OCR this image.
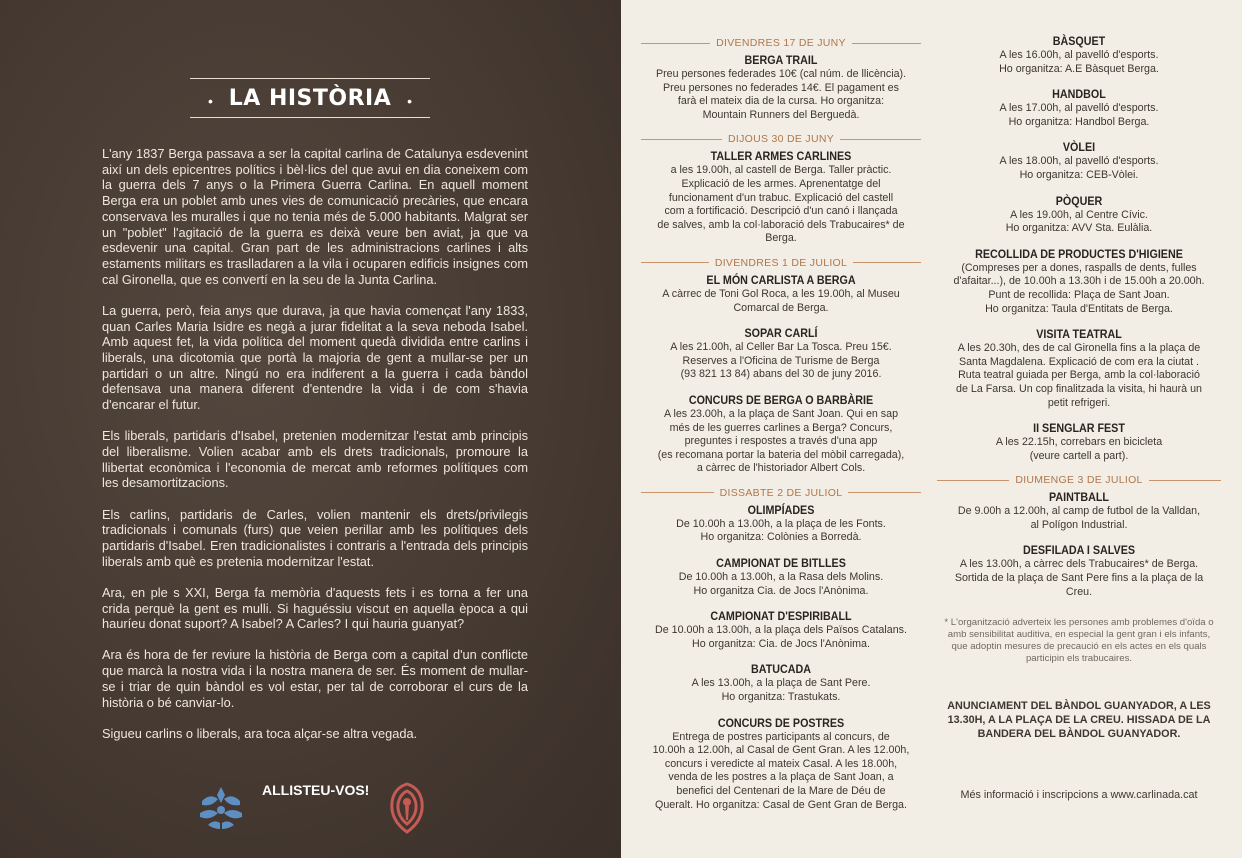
• LA HISTÒRIA •

L'any 1837 Berga passava a ser la capital carlina de Catalunya esdevenint així un dels epicentres polítics i bèl·lics del que avui en dia coneixem com la guerra dels 7 anys o la Primera Guerra Carlina. En aquell moment Berga era un poblet amb unes vies de comunicació precàries, que encara conservava les muralles i que no tenia més de 5.000 habitants. Malgrat ser un "poblet" l'agitació de la guerra es deixà veure ben aviat, ja que va esdevenir una capital. Gran part de les administracions carlines i alts estaments militars es traslladaren a la vila i ocuparen edificis insignes com cal Gironella, que es convertí en la seu de la Junta Carlina.

La guerra, però, feia anys que durava, ja que havia començat l'any 1833, quan Carles Maria Isidre es negà a jurar fidelitat a la seva neboda Isabel. Amb aquest fet, la vida política del moment quedà dividida entre carlins i liberals, una dicotomia que portà la majoria de gent a mullar-se per un partidari o un altre. Ningú no era indiferent a la guerra i cada bàndol defensava una manera diferent d'entendre la vida i de com s'havia d'encarar el futur.

Els liberals, partidaris d'Isabel, pretenien modernitzar l'estat amb principis del liberalisme. Volien acabar amb els drets tradicionals, promoure la llibertat econòmica i l'economia de mercat amb reformes polítiques com les desamortitzacions.

Els carlins, partidaris de Carles, volien mantenir els drets/privilegis tradicionals i comunals (furs) que veien perillar amb les polítiques dels partidaris d'Isabel. Eren tradicionalistes i contraris a l'entrada dels principis liberals amb què es pretenia modernitzar l'estat.

Ara, en ple s XXI, Berga fa memòria d'aquests fets i es torna a fer una crida perquè la gent es mulli. Si haguéssiu viscut en aquella època a qui hauríeu donat suport? A Isabel? A Carles? I qui hauria guanyat?

Ara és hora de fer reviure la història de Berga com a capital d'un conflicte que marcà la nostra vida i la nostra manera de ser. És moment de mullar-se i triar de quin bàndol es vol estar, per tal de corroborar el curs de la història o bé canviar-lo.

Sigueu carlins o liberals, ara toca alçar-se altra vegada.

ALLISTEU-VOS!
DIVENDRES 17 DE JUNY
BERGA TRAIL

Preu persones federades 10€ (cal núm. de llicència).

Preu persones no federades 14€. El pagament es

farà el mateix dia de la cursa. Ho organitza:

Mountain Runners del Berguedà.

DIJOUS 30 DE JUNY
TALLER ARMES CARLINES

a les 19.00h, al castell de Berga. Taller pràctic.

Explicació de les armes. Aprenentatge del

funcionament d'un trabuc. Explicació del castell

com a fortificació. Descripció d'un canó i llançada

de salves, amb la col·laboració dels Trabucaires* de

Berga.

DIVENDRES 1 DE JULIOL
EL MÓN CARLISTA A BERGA

A càrrec de Toni Gol Roca, a les 19.00h, al Museu

Comarcal de Berga.

SOPAR CARLÍ

A les 21.00h, al Celler Bar La Tosca. Preu 15€.

Reserves a l'Oficina de Turisme de Berga

(93 821 13 84) abans del 30 de juny 2016.

CONCURS DE BERGA O BARBÀRIE

A les 23.00h, a la plaça de Sant Joan. Qui en sap

més de les guerres carlines a Berga? Concurs,

preguntes i respostes a través d'una app

(es recomana portar la bateria del mòbil carregada),

a càrrec de l'historiador Albert Cols.

DISSABTE 2 DE JULIOL
OLIMPÍADES

De 10.00h a 13.00h, a la plaça de les Fonts.

Ho organitza: Colònies a Borredà.

CAMPIONAT DE BITLLES

De 10.00h a 13.00h, a la Rasa dels Molins.

Ho organitza Cia. de Jocs l'Anònima.

CAMPIONAT D'ESPIRIBALL

De 10.00h a 13.00h, a la plaça dels Països Catalans.

Ho organitza: Cia. de Jocs l'Anònima.

BATUCADA

A les 13.00h, a la plaça de Sant Pere.

Ho organitza: Trastukats.

CONCURS DE POSTRES

Entrega de postres participants al concurs, de

10.00h a 12.00h, al Casal de Gent Gran. A les 12.00h,

concurs i veredicte al mateix Casal. A les 18.00h,

venda de les postres a la plaça de Sant Joan, a

benefici del Centenari de la Mare de Déu de

Queralt. Ho organitza: Casal de Gent Gran de Berga.

BÀSQUET

A les 16.00h, al pavelló d'esports.

Ho organitza: A.E Bàsquet Berga.

HANDBOL

A les 17.00h, al pavelló d'esports.

Ho organitza: Handbol Berga.

VÒLEI

A les 18.00h, al pavelló d'esports.

Ho organitza: CEB-Vòlei.

PÒQUER

A les 19.00h, al Centre Cívic.

Ho organitza: AVV Sta. Eulàlia.

RECOLLIDA DE PRODUCTES D'HIGIENE

(Compreses per a dones, raspalls de dents, fulles

d'afaitar...), de 10.00h a 13.30h i de 15.00h a 20.00h.

Punt de recollida: Plaça de Sant Joan.

Ho organitza: Taula d'Entitats de Berga.

VISITA TEATRAL

A les 20.30h, des de cal Gironella fins a la plaça de

Santa Magdalena. Explicació de com era la ciutat .

Ruta teatral guiada per Berga, amb la col·laboració

de La Farsa. Un cop finalitzada la visita, hi haurà un

petit refrigeri.

II SENGLAR FEST

A les 22.15h, correbars en bicicleta

(veure cartell a part).

DIUMENGE 3 DE JULIOL
PAINTBALL

De 9.00h a 12.00h, al camp de futbol de la Valldan,

al Polígon Industrial.

DESFILADA I SALVES

A les 13.00h, a càrrec dels Trabucaires* de Berga.

Sortida de la plaça de Sant Pere fins a la plaça de la

Creu.

* L'organització adverteix les persones amb problemes d'oïda o amb sensibilitat auditiva, en especial la gent gran i els infants, que adoptin mesures de precaució en els actes en els quals participin els trabucaires.

ANUNCIAMENT DEL BÀNDOL GUANYADOR, A LES 13.30H, A LA PLAÇA DE LA CREU. HISSADA DE LA BANDERA DEL BÀNDOL GUANYADOR.

Més informació i inscripcions a www.carlinada.cat
